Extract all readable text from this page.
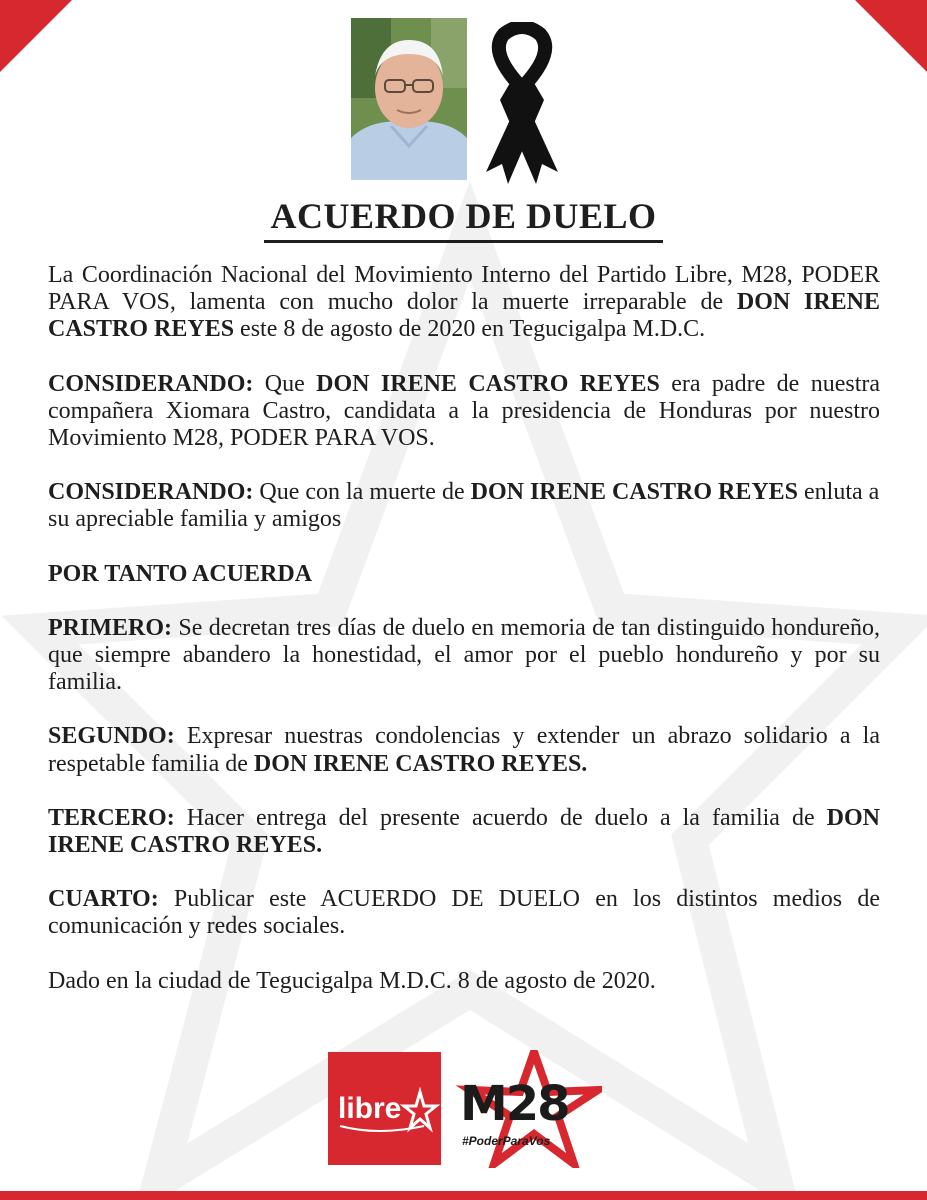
ACUERDO DE DUELO

La Coordinación Nacional del Movimiento Interno del Partido Libre, M28, PODER PARA VOS, lamenta con mucho dolor la muerte irreparable de DON IRENE CASTRO REYES este 8 de agosto de 2020 en Tegucigalpa M.D.C.

CONSIDERANDO: Que DON IRENE CASTRO REYES era padre de nuestra compañera Xiomara Castro, candidata a la presidencia de Honduras por nuestro Movimiento M28, PODER PARA VOS.

CONSIDERANDO: Que con la muerte de DON IRENE CASTRO REYES enluta a su apreciable familia y amigos

POR TANTO ACUERDA

PRIMERO: Se decretan tres días de duelo en memoria de tan distinguido hondureño, que siempre abandero la honestidad, el amor por el pueblo hondureño y por su familia.

SEGUNDO: Expresar nuestras condolencias y extender un abrazo solidario a la respetable familia de DON IRENE CASTRO REYES.

TERCERO: Hacer entrega del presente acuerdo de duelo a la familia de DON IRENE CASTRO REYES.

CUARTO: Publicar este ACUERDO DE DUELO en los distintos medios de comunicación y redes sociales.

Dado en la ciudad de Tegucigalpa M.D.C. 8 de agosto de 2020.

libre M28
#PoderParaVos
